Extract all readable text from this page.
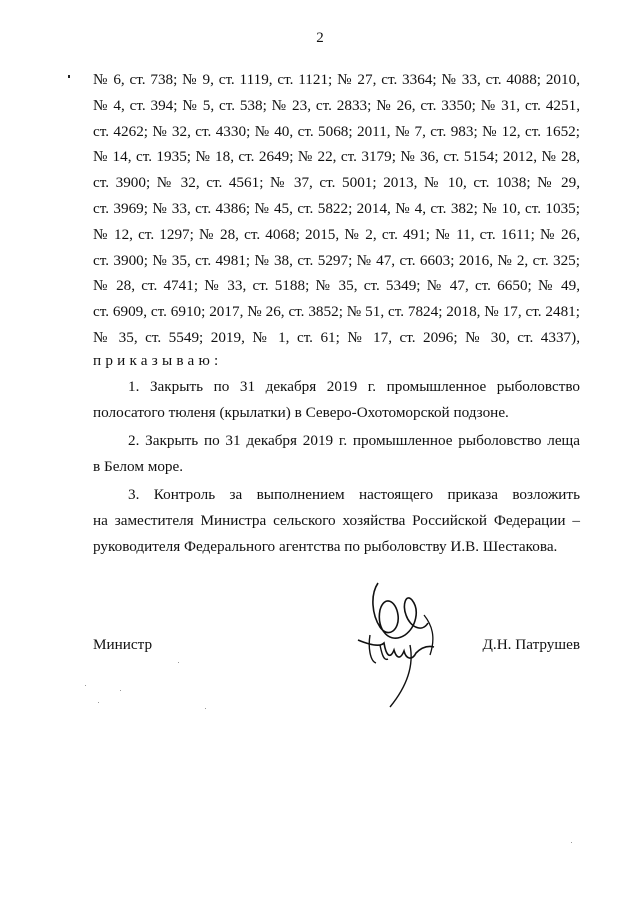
2
№ 6, ст. 738; № 9, ст. 1119, ст. 1121; № 27, ст. 3364; № 33, ст. 4088; 2010,
№ 4, ст. 394; № 5, ст. 538; № 23, ст. 2833; № 26, ст. 3350; № 31, ст. 4251,
ст. 4262; № 32, ст. 4330; № 40, ст. 5068; 2011, № 7, ст. 983; № 12, ст. 1652;
№ 14, ст. 1935; № 18, ст. 2649; № 22, ст. 3179; № 36, ст. 5154; 2012, № 28,
ст. 3900; № 32, ст. 4561; № 37, ст. 5001; 2013, № 10, ст. 1038; № 29,
ст. 3969; № 33, ст. 4386; № 45, ст. 5822; 2014, № 4, ст. 382; № 10, ст. 1035;
№ 12, ст. 1297; № 28, ст. 4068; 2015, № 2, ст. 491; № 11, ст. 1611; № 26,
ст. 3900; № 35, ст. 4981; № 38, ст. 5297; № 47, ст. 6603; 2016, № 2, ст. 325;
№ 28, ст. 4741; № 33, ст. 5188; № 35, ст. 5349; № 47, ст. 6650; № 49,
ст. 6909, ст. 6910; 2017, № 26, ст. 3852; № 51, ст. 7824; 2018, № 17, ст. 2481;
№ 35, ст. 5549; 2019, № 1, ст. 61; № 17, ст. 2096; № 30, ст. 4337),
приказываю:
1. Закрыть по 31 декабря 2019 г. промышленное рыболовство
полосатого тюленя (крылатки) в Северо-Охотоморской подзоне.
2. Закрыть по 31 декабря 2019 г. промышленное рыболовство леща
в Белом море.
3. Контроль за выполнением настоящего приказа возложить
на заместителя Министра сельского хозяйства Российской Федерации –
руководителя Федерального агентства по рыболовству И.В. Шестакова.
Министр	Д.Н. Патрушев
